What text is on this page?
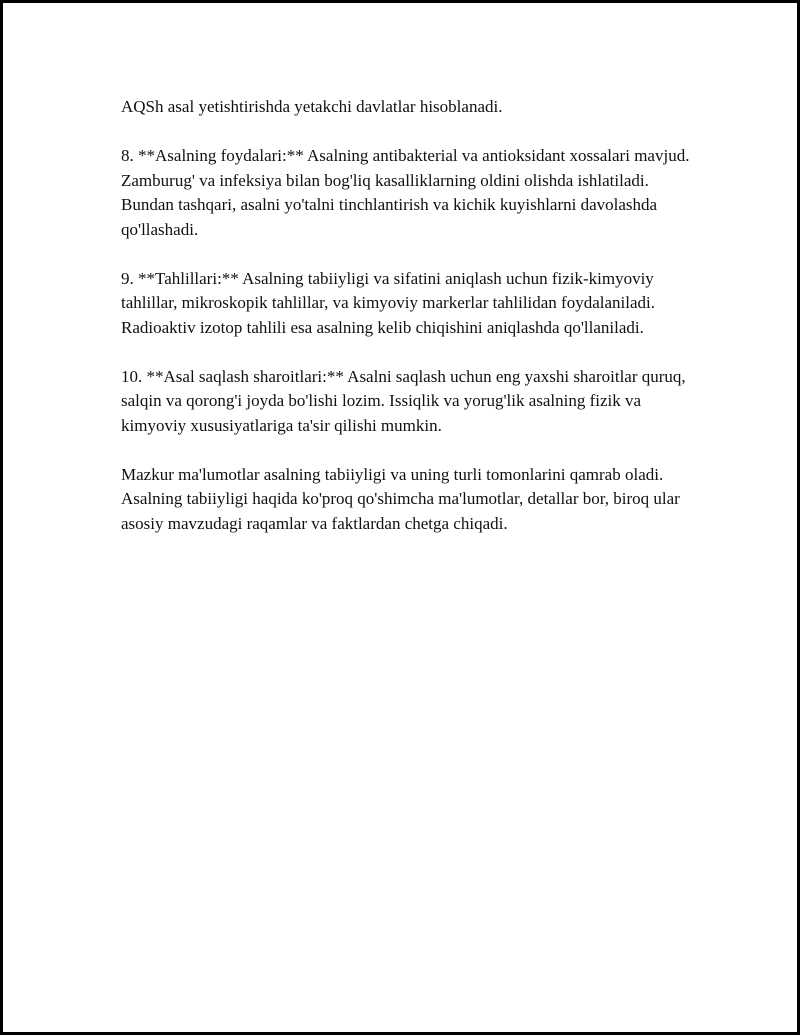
AQSh asal yetishtirishda yetakchi davlatlar hisoblanadi.

8. **Asalning foydalari:** Asalning antibakterial va antioksidant xossalari mavjud. Zamburug' va infeksiya bilan bog'liq kasalliklarning oldini olishda ishlatiladi. Bundan tashqari, asalni yo'talni tinchlantirish va kichik kuyishlarni davolashda qo'llashadi.

9. **Tahlillari:** Asalning tabiiyligi va sifatini aniqlash uchun fizik-kimyoviy tahlillar, mikroskopik tahlillar, va kimyoviy markerlar tahlilidan foydalaniladi. Radioaktiv izotop tahlili esa asalning kelib chiqishini aniqlashda qo'llaniladi.

10. **Asal saqlash sharoitlari:** Asalni saqlash uchun eng yaxshi sharoitlar quruq, salqin va qorong'i joyda bo'lishi lozim. Issiqlik va yorug'lik asalning fizik va kimyoviy xususiyatlariga ta'sir qilishi mumkin.

Mazkur ma'lumotlar asalning tabiiyligi va uning turli tomonlarini qamrab oladi. Asalning tabiiyligi haqida ko'proq qo'shimcha ma'lumotlar, detallar bor, biroq ular asosiy mavzudagi raqamlar va faktlardan chetga chiqadi.
